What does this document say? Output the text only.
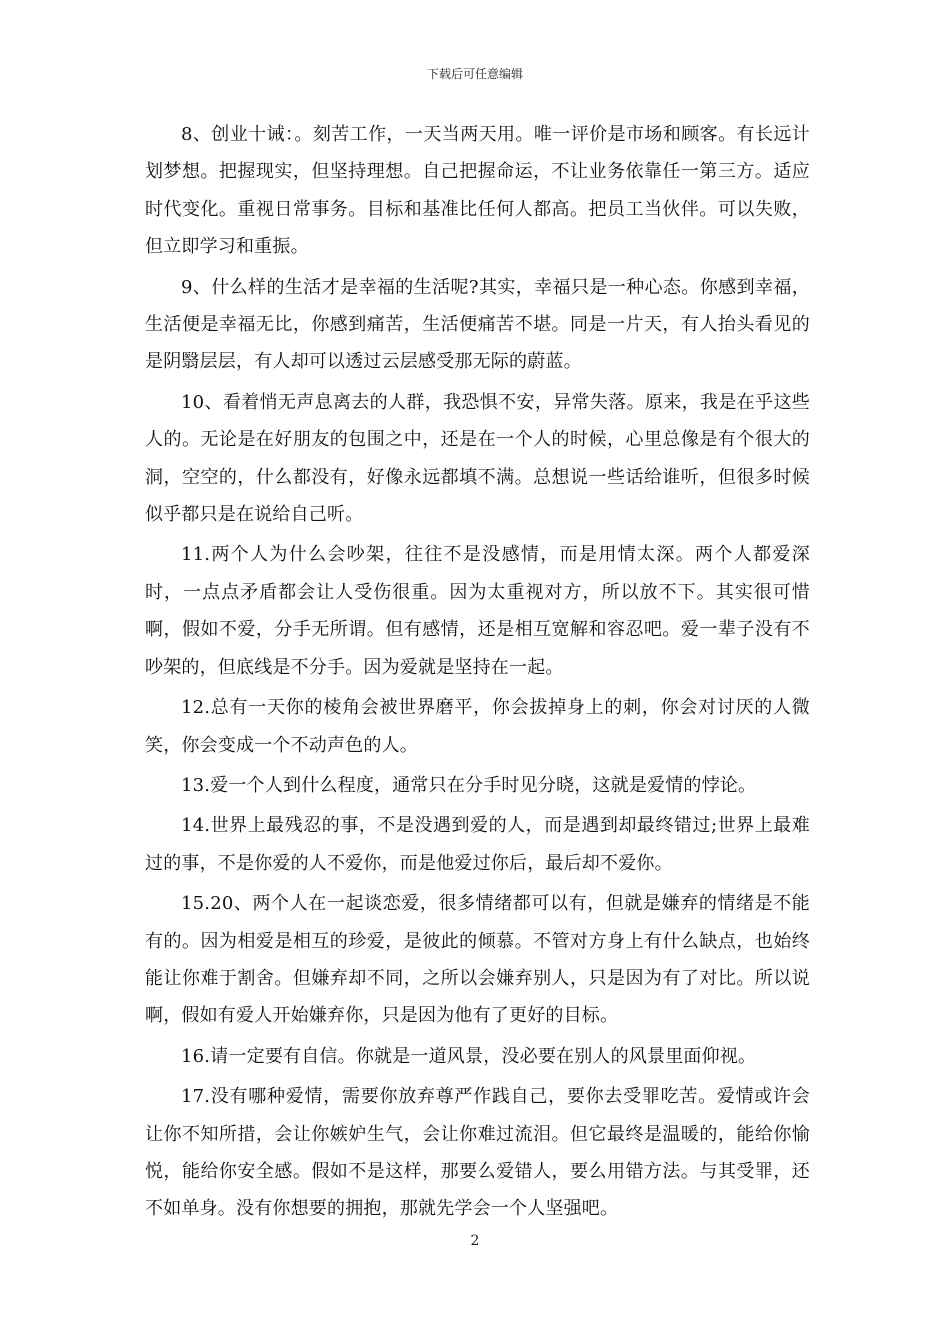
下载后可任意编辑

8、创业十诫：。刻苦工作，一天当两天用。唯一评价是市场和顾客。有长远计划梦想。把握现实，但坚持理想。自己把握命运，不让业务依靠任一第三方。适应时代变化。重视日常事务。目标和基准比任何人都高。把员工当伙伴。可以失败，但立即学习和重振。

9、什么样的生活才是幸福的生活呢?其实，幸福只是一种心态。你感到幸福，生活便是幸福无比，你感到痛苦，生活便痛苦不堪。同是一片天，有人抬头看见的是阴翳层层，有人却可以透过云层感受那无际的蔚蓝。

10、看着悄无声息离去的人群，我恐惧不安，异常失落。原来，我是在乎这些人的。无论是在好朋友的包围之中，还是在一个人的时候，心里总像是有个很大的洞，空空的，什么都没有，好像永远都填不满。总想说一些话给谁听，但很多时候似乎都只是在说给自己听。

11.两个人为什么会吵架，往往不是没感情，而是用情太深。两个人都爱深时，一点点矛盾都会让人受伤很重。因为太重视对方，所以放不下。其实很可惜啊，假如不爱，分手无所谓。但有感情，还是相互宽解和容忍吧。爱一辈子没有不吵架的，但底线是不分手。因为爱就是坚持在一起。

12.总有一天你的棱角会被世界磨平，你会拔掉身上的刺，你会对讨厌的人微笑，你会变成一个不动声色的人。

13.爱一个人到什么程度，通常只在分手时见分晓，这就是爱情的悖论。

14.世界上最残忍的事，不是没遇到爱的人，而是遇到却最终错过;世界上最难过的事，不是你爱的人不爱你，而是他爱过你后，最后却不爱你。

15.20、两个人在一起谈恋爱，很多情绪都可以有，但就是嫌弃的情绪是不能有的。因为相爱是相互的珍爱，是彼此的倾慕。不管对方身上有什么缺点，也始终能让你难于割舍。但嫌弃却不同，之所以会嫌弃别人，只是因为有了对比。所以说啊，假如有爱人开始嫌弃你，只是因为他有了更好的目标。

16.请一定要有自信。你就是一道风景，没必要在别人的风景里面仰视。

17.没有哪种爱情，需要你放弃尊严作践自己，要你去受罪吃苦。爱情或许会让你不知所措，会让你嫉妒生气，会让你难过流泪。但它最终是温暖的，能给你愉悦，能给你安全感。假如不是这样，那要么爱错人，要么用错方法。与其受罪，还不如单身。没有你想要的拥抱，那就先学会一个人坚强吧。

2
